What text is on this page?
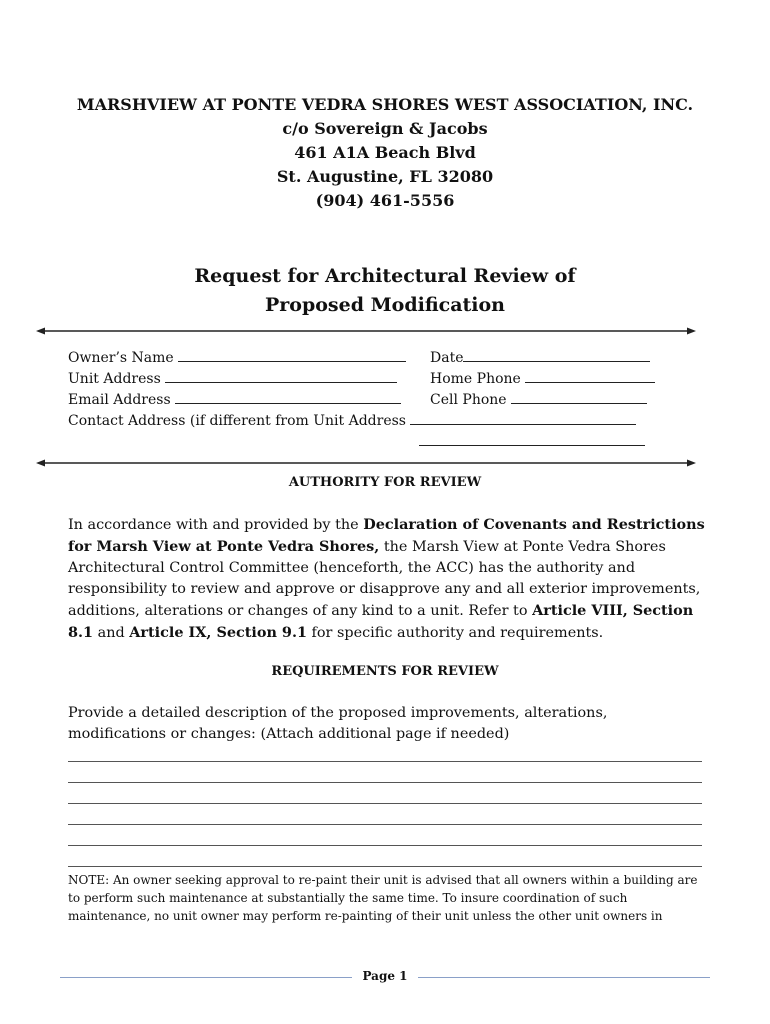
MARSHVIEW AT PONTE VEDRA SHORES WEST ASSOCIATION, INC.
c/o Sovereign & Jacobs
461 A1A Beach Blvd
St. Augustine, FL 32080
(904) 461-5556
Request for Architectural Review of
Proposed Modification
Owner’s Name	Date
Unit Address	Home Phone
Email Address	Cell Phone
Contact Address (if different from Unit Address
AUTHORITY FOR REVIEW
In accordance with and provided by the Declaration of Covenants and Restrictions for Marsh View at Ponte Vedra Shores, the Marsh View at Ponte Vedra Shores Architectural Control Committee (henceforth, the ACC) has the authority and responsibility to review and approve or disapprove any and all exterior improvements, additions, alterations or changes of any kind to a unit. Refer to Article VIII, Section 8.1 and Article IX, Section 9.1 for specific authority and requirements.
REQUIREMENTS FOR REVIEW
Provide a detailed description of the proposed improvements, alterations, modifications or changes: (Attach additional page if needed)
NOTE: An owner seeking approval to re-paint their unit is advised that all owners within a building are to perform such maintenance at substantially the same time. To insure coordination of such maintenance, no unit owner may perform re-painting of their unit unless the other unit owners in
Page 1
